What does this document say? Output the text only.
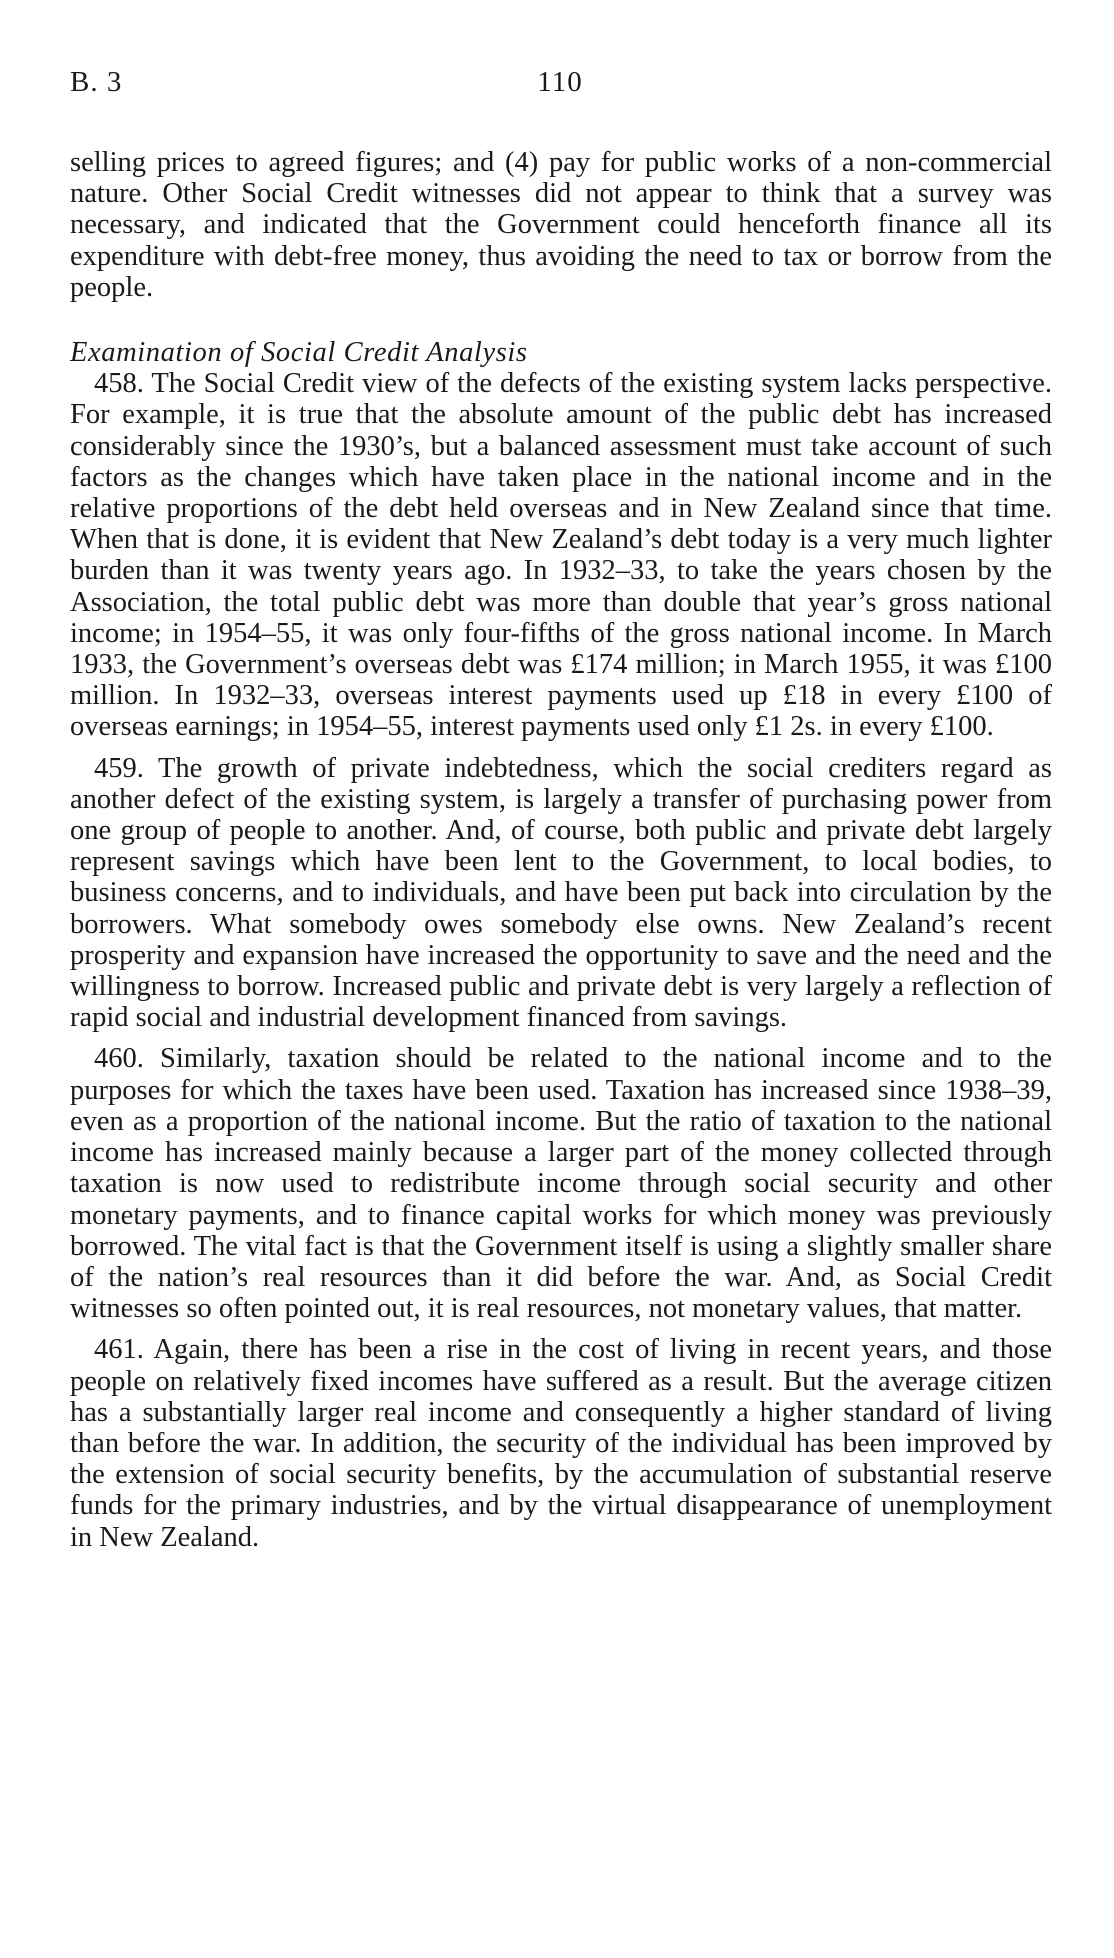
B. 3	110

selling prices to agreed figures; and (4) pay for public works of a non-commercial nature. Other Social Credit witnesses did not appear to think that a survey was necessary, and indicated that the Government could henceforth finance all its expenditure with debt-free money, thus avoiding the need to tax or borrow from the people.

Examination of Social Credit Analysis

458. The Social Credit view of the defects of the existing system lacks perspective. For example, it is true that the absolute amount of the public debt has increased considerably since the 1930’s, but a balanced assessment must take account of such factors as the changes which have taken place in the national income and in the relative proportions of the debt held overseas and in New Zealand since that time. When that is done, it is evident that New Zealand’s debt today is a very much lighter burden than it was twenty years ago. In 1932–33, to take the years chosen by the Association, the total public debt was more than double that year’s gross national income; in 1954–55, it was only four-fifths of the gross national income. In March 1933, the Government’s overseas debt was £174 million; in March 1955, it was £100 million. In 1932–33, overseas interest payments used up £18 in every £100 of overseas earnings; in 1954–55, interest payments used only £1 2s. in every £100.

459. The growth of private indebtedness, which the social crediters regard as another defect of the existing system, is largely a transfer of purchasing power from one group of people to another. And, of course, both public and private debt largely represent savings which have been lent to the Government, to local bodies, to business concerns, and to individuals, and have been put back into circulation by the borrowers. What somebody owes somebody else owns. New Zealand’s recent prosperity and expansion have increased the opportunity to save and the need and the willingness to borrow. Increased public and private debt is very largely a reflection of rapid social and industrial development financed from savings.

460. Similarly, taxation should be related to the national income and to the purposes for which the taxes have been used. Taxation has increased since 1938–39, even as a proportion of the national income. But the ratio of taxation to the national income has increased mainly because a larger part of the money collected through taxation is now used to redistribute income through social security and other monetary payments, and to finance capital works for which money was previously borrowed. The vital fact is that the Government itself is using a slightly smaller share of the nation’s real resources than it did before the war. And, as Social Credit witnesses so often pointed out, it is real resources, not monetary values, that matter.

461. Again, there has been a rise in the cost of living in recent years, and those people on relatively fixed incomes have suffered as a result. But the average citizen has a substantially larger real income and consequently a higher standard of living than before the war. In addition, the security of the individual has been improved by the extension of social security benefits, by the accumulation of substantial reserve funds for the primary industries, and by the virtual disappearance of unemployment in New Zealand.
